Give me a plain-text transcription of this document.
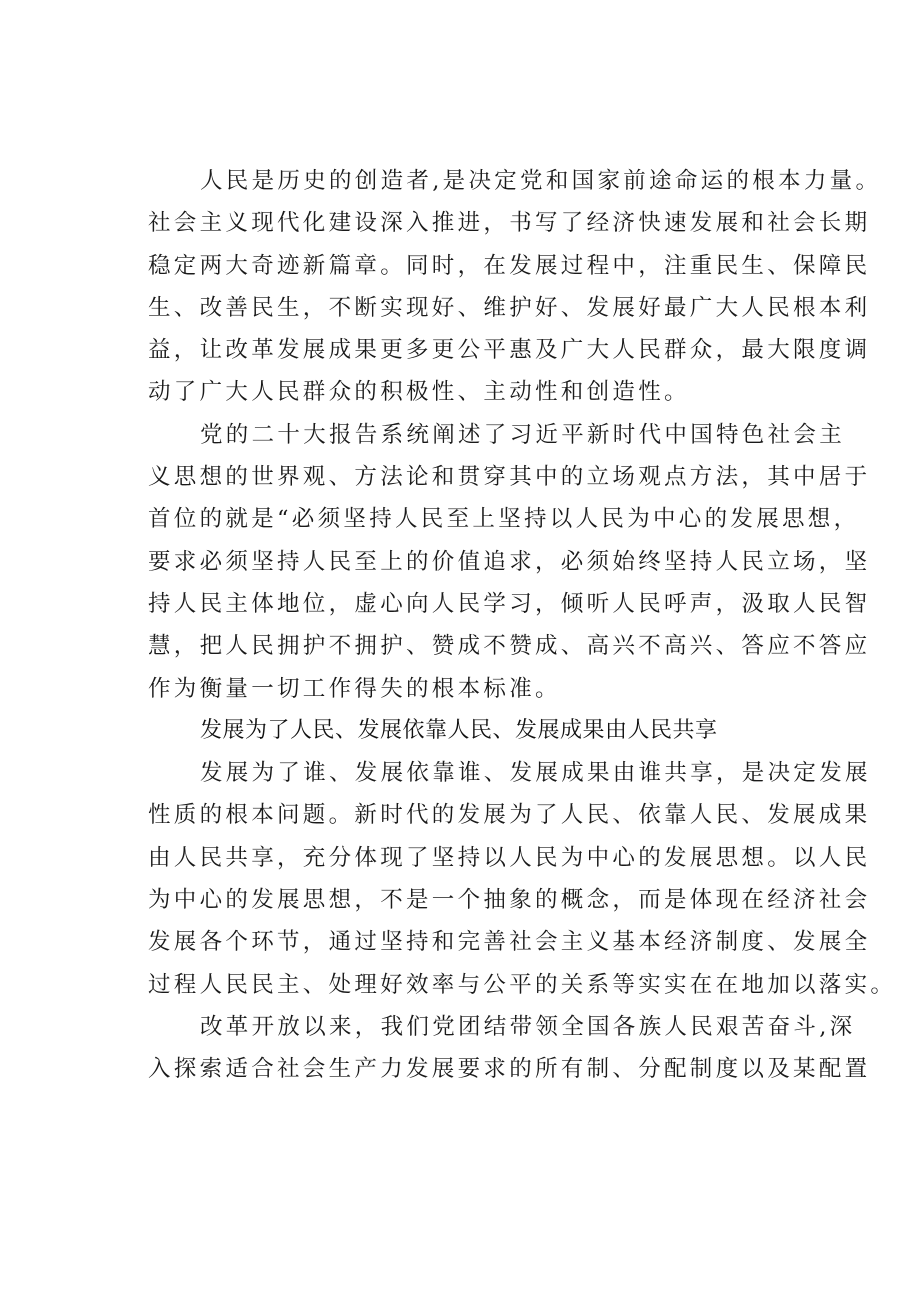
人民是历史的创造者,是决定党和国家前途命运的根本力量。
社会主义现代化建设深入推进，书写了经济快速发展和社会长期
稳定两大奇迹新篇章。同时，在发展过程中，注重民生、保障民
生、改善民生，不断实现好、维护好、发展好最广大人民根本利
益，让改革发展成果更多更公平惠及广大人民群众，最大限度调
动了广大人民群众的积极性、主动性和创造性。
党的二十大报告系统阐述了习近平新时代中国特色社会主
义思想的世界观、方法论和贯穿其中的立场观点方法，其中居于
首位的就是“必须坚持人民至上坚持以人民为中心的发展思想，
要求必须坚持人民至上的价值追求，必须始终坚持人民立场，坚
持人民主体地位，虚心向人民学习，倾听人民呼声，汲取人民智
慧，把人民拥护不拥护、赞成不赞成、高兴不高兴、答应不答应
作为衡量一切工作得失的根本标准。
发展为了人民、发展依靠人民、发展成果由人民共享
发展为了谁、发展依靠谁、发展成果由谁共享，是决定发展
性质的根本问题。新时代的发展为了人民、依靠人民、发展成果
由人民共享，充分体现了坚持以人民为中心的发展思想。以人民
为中心的发展思想，不是一个抽象的概念，而是体现在经济社会
发展各个环节，通过坚持和完善社会主义基本经济制度、发展全
过程人民民主、处理好效率与公平的关系等实实在在地加以落实。
改革开放以来，我们党团结带领全国各族人民艰苦奋斗,深
入探索适合社会生产力发展要求的所有制、分配制度以及某配置
